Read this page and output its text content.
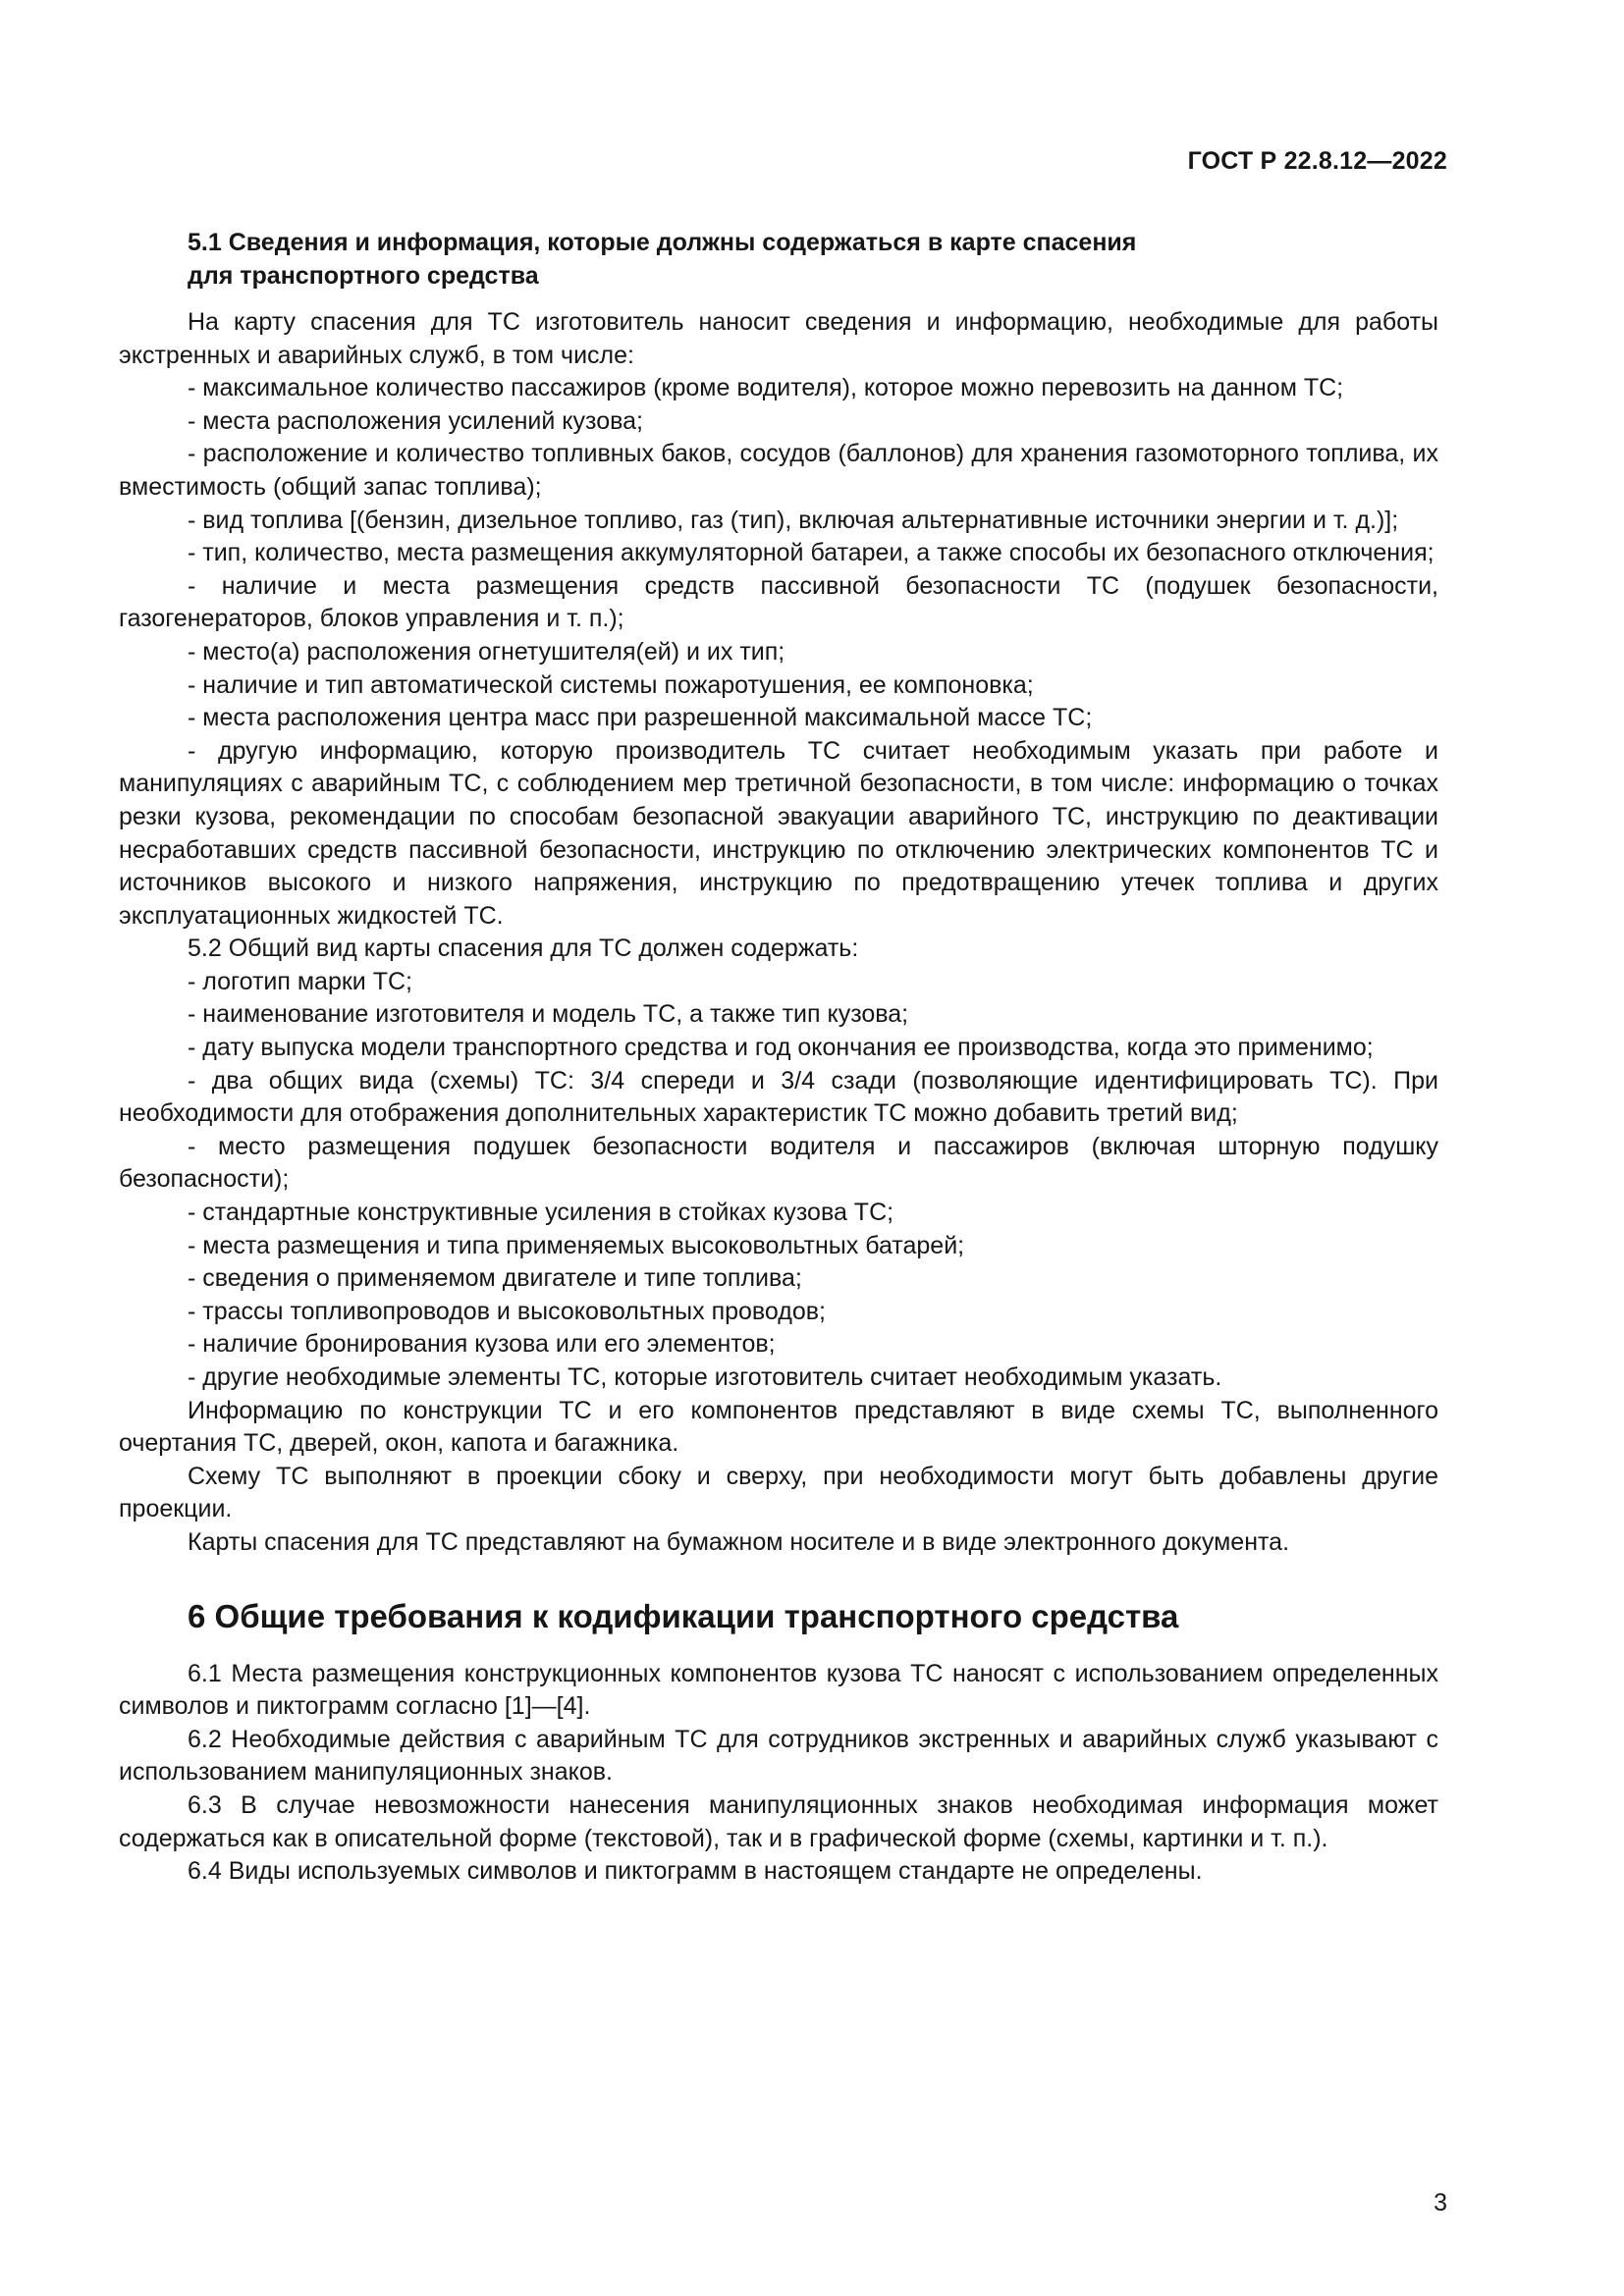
ГОСТ Р 22.8.12—2022

5.1 Сведения и информация, которые должны содержаться в карте спасения

для транспортного средства

На карту спасения для ТС изготовитель наносит сведения и информацию, необходимые для работы экстренных и аварийных служб, в том числе:

- максимальное количество пассажиров (кроме водителя), которое можно перевозить на данном ТС;

- места расположения усилений кузова;

- расположение и количество топливных баков, сосудов (баллонов) для хранения газомоторного топлива, их вместимость (общий запас топлива);

- вид топлива [(бензин, дизельное топливо, газ (тип), включая альтернативные источники энергии и т. д.)];

- тип, количество, места размещения аккумуляторной батареи, а также способы их безопасного отключения;

- наличие и места размещения средств пассивной безопасности ТС (подушек безопасности, газогенераторов, блоков управления и т. п.);

- место(а) расположения огнетушителя(ей) и их тип;

- наличие и тип автоматической системы пожаротушения, ее компоновка;

- места расположения центра масс при разрешенной максимальной массе ТС;

- другую информацию, которую производитель ТС считает необходимым указать при работе и манипуляциях с аварийным ТС, с соблюдением мер третичной безопасности, в том числе: информацию о точках резки кузова, рекомендации по способам безопасной эвакуации аварийного ТС, инструкцию по деактивации несработавших средств пассивной безопасности, инструкцию по отключению электрических компонентов ТС и источников высокого и низкого напряжения, инструкцию по предотвращению утечек топлива и других эксплуатационных жидкостей ТС.

5.2 Общий вид карты спасения для ТС должен содержать:

- логотип марки ТС;

- наименование изготовителя и модель ТС, а также тип кузова;

- дату выпуска модели транспортного средства и год окончания ее производства, когда это применимо;

- два общих вида (схемы) ТС: 3/4 спереди и 3/4 сзади (позволяющие идентифицировать ТС). При необходимости для отображения дополнительных характеристик ТС можно добавить третий вид;

- место размещения подушек безопасности водителя и пассажиров (включая шторную подушку безопасности);

- стандартные конструктивные усиления в стойках кузова ТС;

- места размещения и типа применяемых высоковольтных батарей;

- сведения о применяемом двигателе и типе топлива;

- трассы топливопроводов и высоковольтных проводов;

- наличие бронирования кузова или его элементов;

- другие необходимые элементы ТС, которые изготовитель считает необходимым указать.

Информацию по конструкции ТС и его компонентов представляют в виде схемы ТС, выполненного очертания ТС, дверей, окон, капота и багажника.

Схему ТС выполняют в проекции сбоку и сверху, при необходимости могут быть добавлены другие проекции.

Карты спасения для ТС представляют на бумажном носителе и в виде электронного документа.

6 Общие требования к кодификации транспортного средства

6.1 Места размещения конструкционных компонентов кузова ТС наносят с использованием определенных символов и пиктограмм согласно [1]—[4].

6.2 Необходимые действия с аварийным ТС для сотрудников экстренных и аварийных служб указывают с использованием манипуляционных знаков.

6.3 В случае невозможности нанесения манипуляционных знаков необходимая информация может содержаться как в описательной форме (текстовой), так и в графической форме (схемы, картинки и т. п.).

6.4 Виды используемых символов и пиктограмм в настоящем стандарте не определены.

3
